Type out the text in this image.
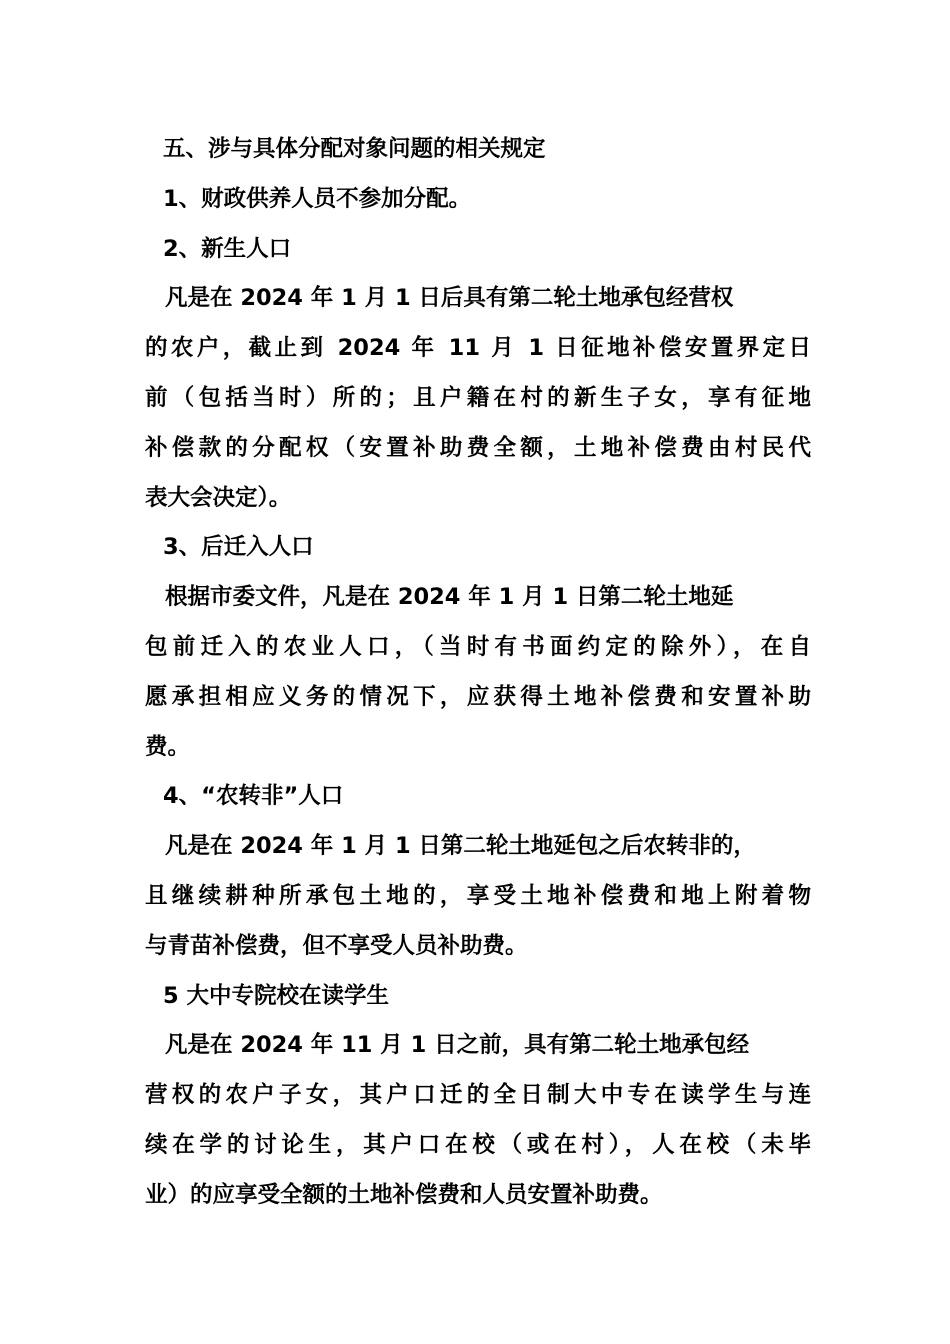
五、涉与具体分配对象问题的相关规定
1、财政供养人员不参加分配。
2、新生人口
凡是在 2024 年 1 月 1 日后具有第二轮土地承包经营权
的农户，截止到 2024 年 11 月 1 日征地补偿安置界定日
前（包括当时）所的；且户籍在村的新生子女，享有征地
补偿款的分配权（安置补助费全额，土地补偿费由村民代
表大会决定）。
3、后迁入人口
根据市委文件，凡是在 2024 年 1 月 1 日第二轮土地延
包前迁入的农业人口，（当时有书面约定的除外），在自
愿承担相应义务的情况下，应获得土地补偿费和安置补助
费。
4、“农转非”人口
凡是在 2024 年 1 月 1 日第二轮土地延包之后农转非的，
且继续耕种所承包土地的，享受土地补偿费和地上附着物
与青苗补偿费，但不享受人员补助费。
5 大中专院校在读学生
凡是在 2024 年 11 月 1 日之前，具有第二轮土地承包经
营权的农户子女，其户口迁的全日制大中专在读学生与连
续在学的讨论生，其户口在校（或在村），人在校（未毕
业）的应享受全额的土地补偿费和人员安置补助费。
